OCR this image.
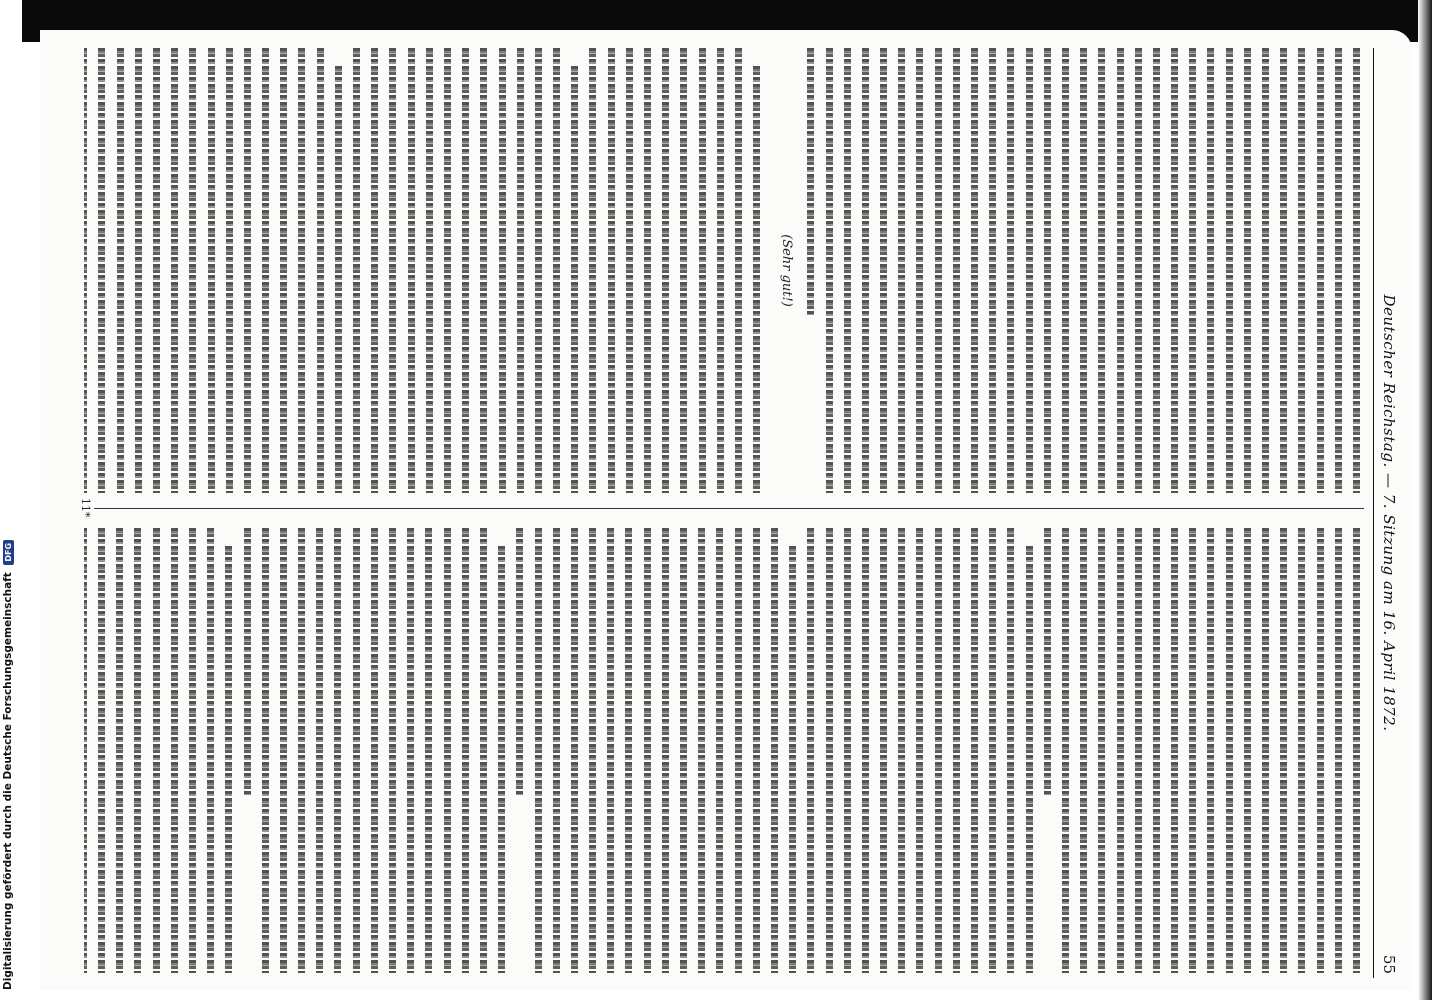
Deutscher Reichstag. — 7. Sitzung am 16. April 1872.
55
(Sehr gut!)
11*
Digitalisierung gefördert durch die Deutsche Forschungsgemeinschaft DFG
